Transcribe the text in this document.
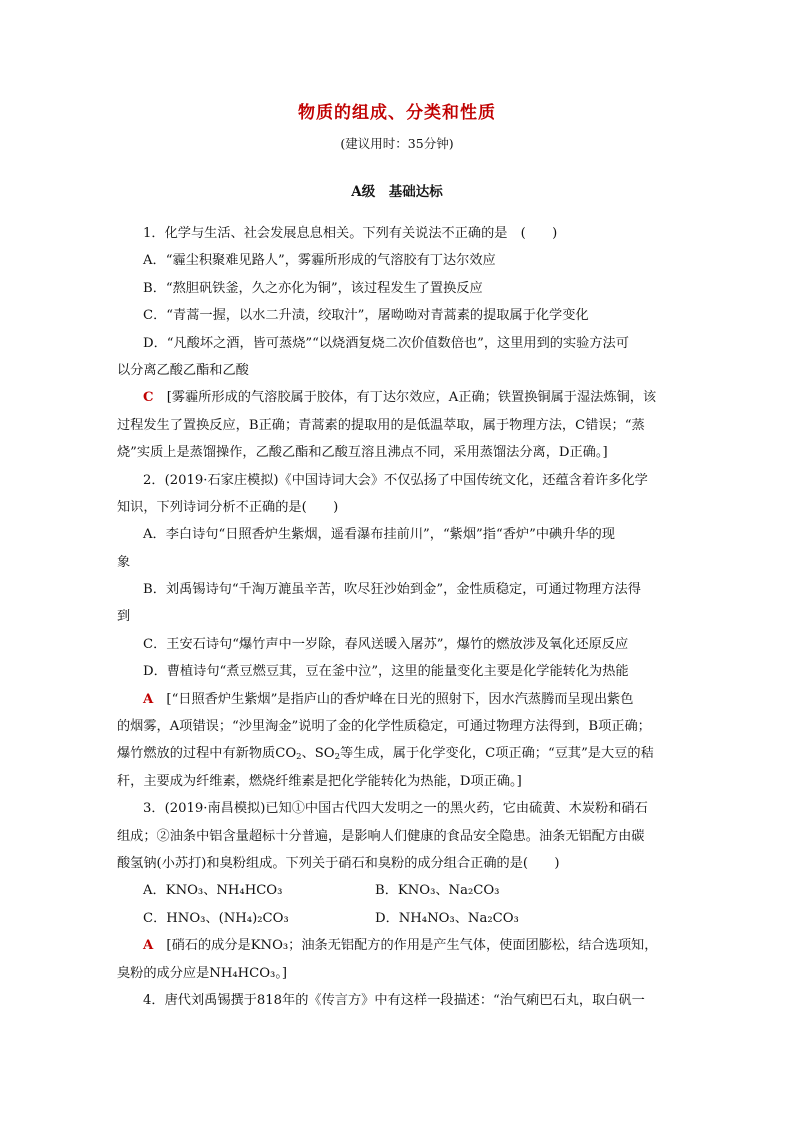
物质的组成、分类和性质
(建议用时：35分钟)
A级　基础达标
1．化学与生活、社会发展息息相关。下列有关说法不正确的是　(　　)
A．“霾尘积聚难见路人”，雾霾所形成的气溶胶有丁达尔效应
B．“熬胆矾铁釜，久之亦化为铜”，该过程发生了置换反应
C．“青蒿一握，以水二升渍，绞取汁”，屠呦呦对青蒿素的提取属于化学变化
D．“凡酸坏之酒，皆可蒸烧”“以烧酒复烧二次价值数倍也”，这里用到的实验方法可
以分离乙酸乙酯和乙酸
C　 [雾霾所形成的气溶胶属于胶体，有丁达尔效应，A正确；铁置换铜属于湿法炼铜，该
过程发生了置换反应，B正确；青蒿素的提取用的是低温萃取，属于物理方法，C错误；“蒸
烧”实质上是蒸馏操作，乙酸乙酯和乙酸互溶且沸点不同，采用蒸馏法分离，D正确。]
2．(2019·石家庄模拟)《中国诗词大会》不仅弘扬了中国传统文化，还蕴含着许多化学
知识，下列诗词分析不正确的是(　　)
A．李白诗句“日照香炉生紫烟，遥看瀑布挂前川”，“紫烟”指“香炉”中碘升华的现
象
B．刘禹锡诗句“千淘万漉虽辛苦，吹尽狂沙始到金”，金性质稳定，可通过物理方法得
到
C．王安石诗句“爆竹声中一岁除，春风送暖入屠苏”，爆竹的燃放涉及氧化还原反应
D．曹植诗句“煮豆燃豆萁，豆在釜中泣”，这里的能量变化主要是化学能转化为热能
A　 [“日照香炉生紫烟”是指庐山的香炉峰在日光的照射下，因水汽蒸腾而呈现出紫色
的烟雾，A项错误；“沙里淘金”说明了金的化学性质稳定，可通过物理方法得到，B项正确；
爆竹燃放的过程中有新物质$CO_2$、$SO_2$等生成，属于化学变化，C项正确；“豆萁”是大豆的秸
秆，主要成为纤维素，燃烧纤维素是把化学能转化为热能，D项正确。]
3．(2019·南昌模拟)已知①中国古代四大发明之一的黑火药，它由硫黄、木炭粉和硝石
组成；②油条中铝含量超标十分普遍，是影响人们健康的食品安全隐患。油条无铝配方由碳
酸氢钠(小苏打)和臭粉组成。下列关于硝石和臭粉的成分组合正确的是(　　)
A．KNO₃、NH₄HCO₃	B．KNO₃、Na₂CO₃
C．HNO₃、(NH₄)₂CO₃	D．NH₄NO₃、Na₂CO₃
A　 [硝石的成分是KNO₃；油条无铝配方的作用是产生气体，使面团膨松，结合选项知，
臭粉的成分应是NH₄HCO₃。]
4．唐代刘禹锡撰于818年的《传言方》中有这样一段描述：“治气痢巴石丸，取白矾一
